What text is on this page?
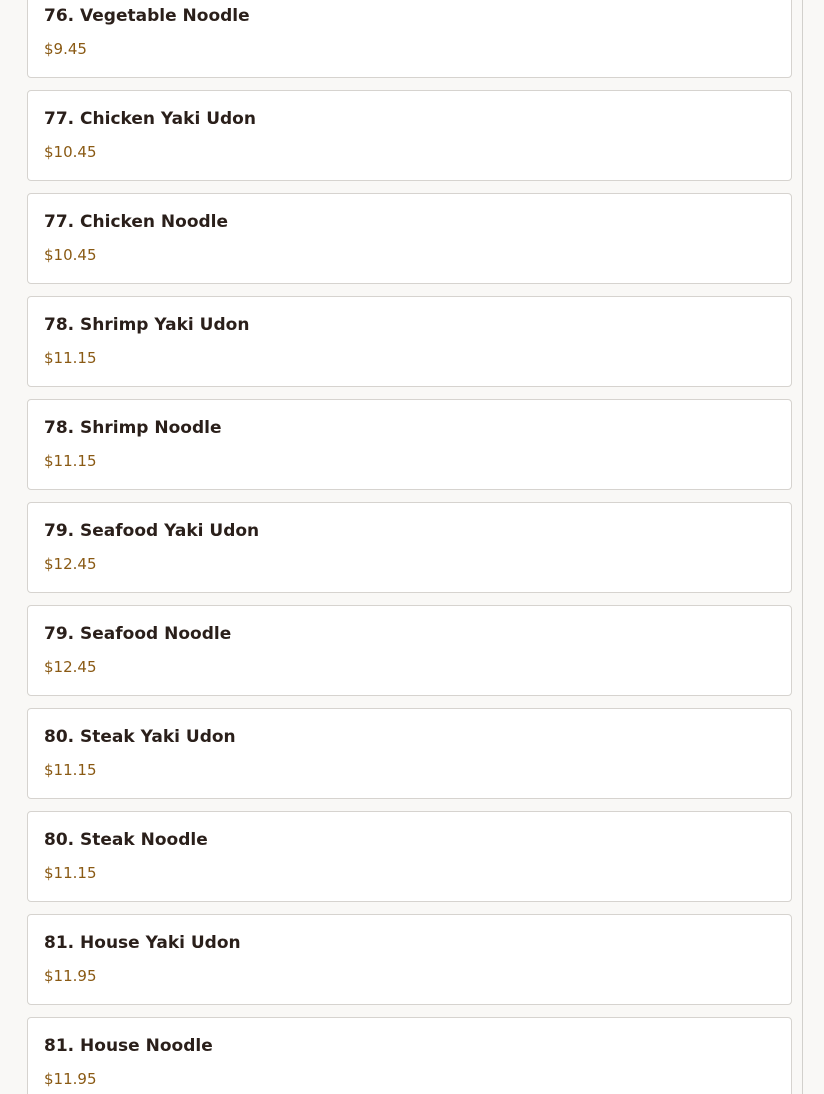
76. Vegetable Noodle
$9.45
77. Chicken Yaki Udon
$10.45
77. Chicken Noodle
$10.45
78. Shrimp Yaki Udon
$11.15
78. Shrimp Noodle
$11.15
79. Seafood Yaki Udon
$12.45
79. Seafood Noodle
$12.45
80. Steak Yaki Udon
$11.15
80. Steak Noodle
$11.15
81. House Yaki Udon
$11.95
81. House Noodle
$11.95
